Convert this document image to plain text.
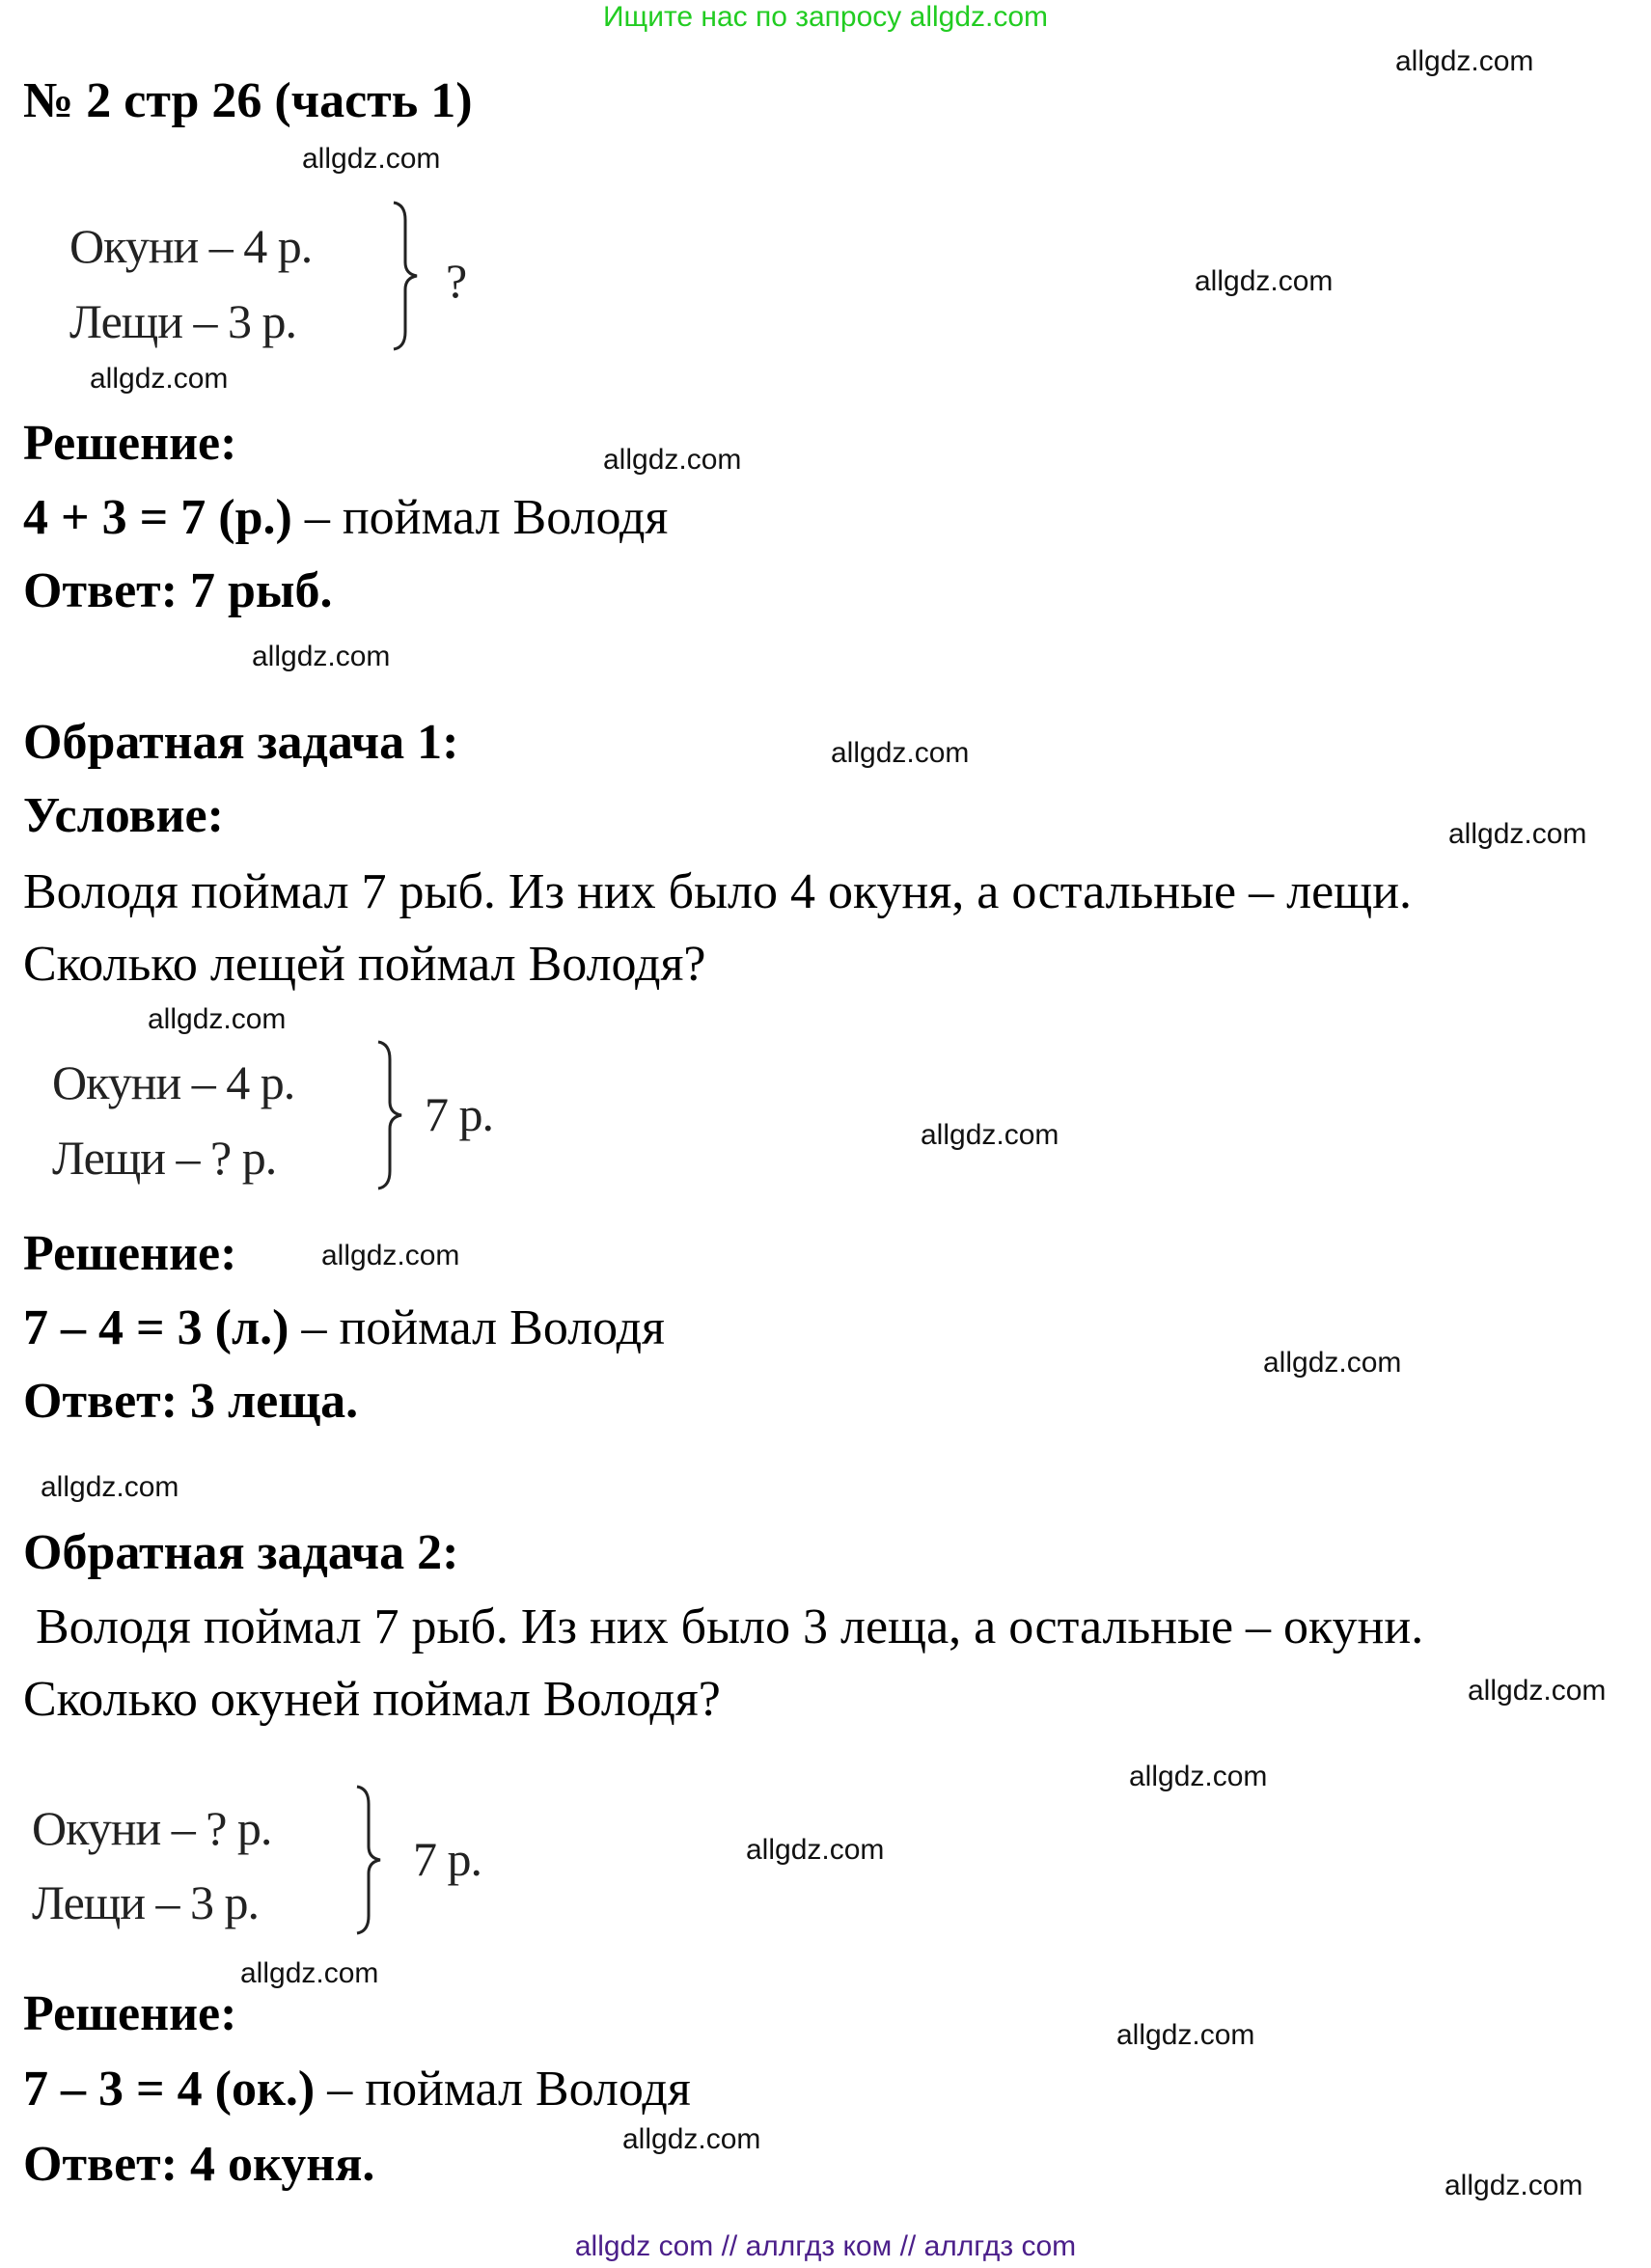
Ищите нас по запросу allgdz.com
№ 2 стр 26 (часть 1)
Окуни – 4 р.
Лещи – 3 р.
?
Решение:
4 + 3 = 7 (р.) – поймал Володя
Ответ: 7 рыб.
Обратная задача 1:
Условие:
Володя поймал 7 рыб. Из них было 4 окуня, а остальные – лещи.
Сколько лещей поймал Володя?
Окуни – 4 р.
Лещи – ? р.
7 р.
Решение:
7 – 4 = 3 (л.) – поймал Володя
Ответ: 3 леща.
Обратная задача 2:
Володя поймал 7 рыб. Из них было 3 леща, а остальные – окуни.
Сколько окуней поймал Володя?
Окуни – ? р.
Лещи – 3 р.
7 р.
Решение:
7 – 3 = 4 (ок.) – поймал Володя
Ответ: 4 окуня.
allgdz.com
allgdz.com
allgdz.com
allgdz.com
allgdz.com
allgdz.com
allgdz.com
allgdz.com
allgdz.com
allgdz.com
allgdz.com
allgdz.com
allgdz.com
allgdz.com
allgdz.com
allgdz.com
allgdz.com
allgdz.com
allgdz.com
allgdz.com
allgdz com // аллгдз ком // аллгдз com
